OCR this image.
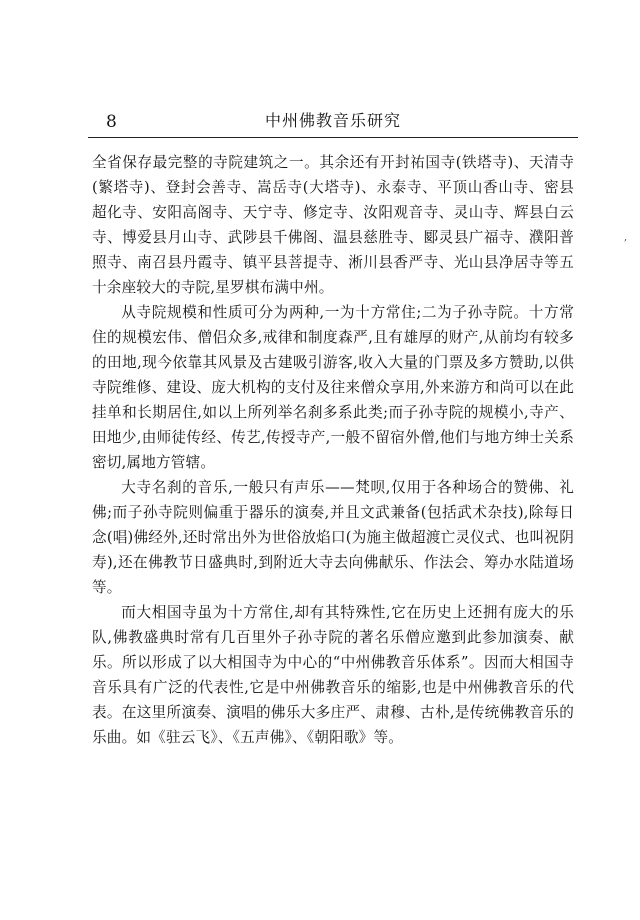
8	中州佛教音乐研究

全省保存最完整的寺院建筑之一。其余还有开封祐国寺(铁塔寺)、天清寺(繁塔寺)、登封会善寺、嵩岳寺(大塔寺)、永泰寺、平顶山香山寺、密县超化寺、安阳高阁寺、天宁寺、修定寺、汝阳观音寺、灵山寺、辉县白云寺、博爱县月山寺、武陟县千佛阁、温县慈胜寺、郾灵县广福寺、濮阳普照寺、南召县丹霞寺、镇平县菩提寺、淅川县香严寺、光山县净居寺等五十余座较大的寺院,星罗棋布满中州。

从寺院规模和性质可分为两种,一为十方常住;二为子孙寺院。十方常住的规模宏伟、僧侣众多,戒律和制度森严,且有雄厚的财产,从前均有较多的田地,现今依靠其风景及古建吸引游客,收入大量的门票及多方赞助,以供寺院维修、建设、庞大机构的支付及往来僧众享用,外来游方和尚可以在此挂单和长期居住,如以上所列举名刹多系此类;而子孙寺院的规模小,寺产、田地少,由师徒传经、传艺,传授寺产,一般不留宿外僧,他们与地方绅士关系密切,属地方管辖。

大寺名刹的音乐,一般只有声乐——梵呗,仅用于各种场合的赞佛、礼佛;而子孙寺院则偏重于器乐的演奏,并且文武兼备(包括武术杂技),除每日念(唱)佛经外,还时常出外为世俗放焰口(为施主做超渡亡灵仪式、也叫祝阴寿),还在佛教节日盛典时,到附近大寺去向佛献乐、作法会、筹办水陆道场等。

而大相国寺虽为十方常住,却有其特殊性,它在历史上还拥有庞大的乐队,佛教盛典时常有几百里外子孙寺院的著名乐僧应邀到此参加演奏、献乐。所以形成了以大相国寺为中心的“中州佛教音乐体系”。因而大相国寺音乐具有广泛的代表性,它是中州佛教音乐的缩影,也是中州佛教音乐的代表。在这里所演奏、演唱的佛乐大多庄严、肃穆、古朴,是传统佛教音乐的乐曲。如《驻云飞》、《五声佛》、《朝阳歌》等。

,
